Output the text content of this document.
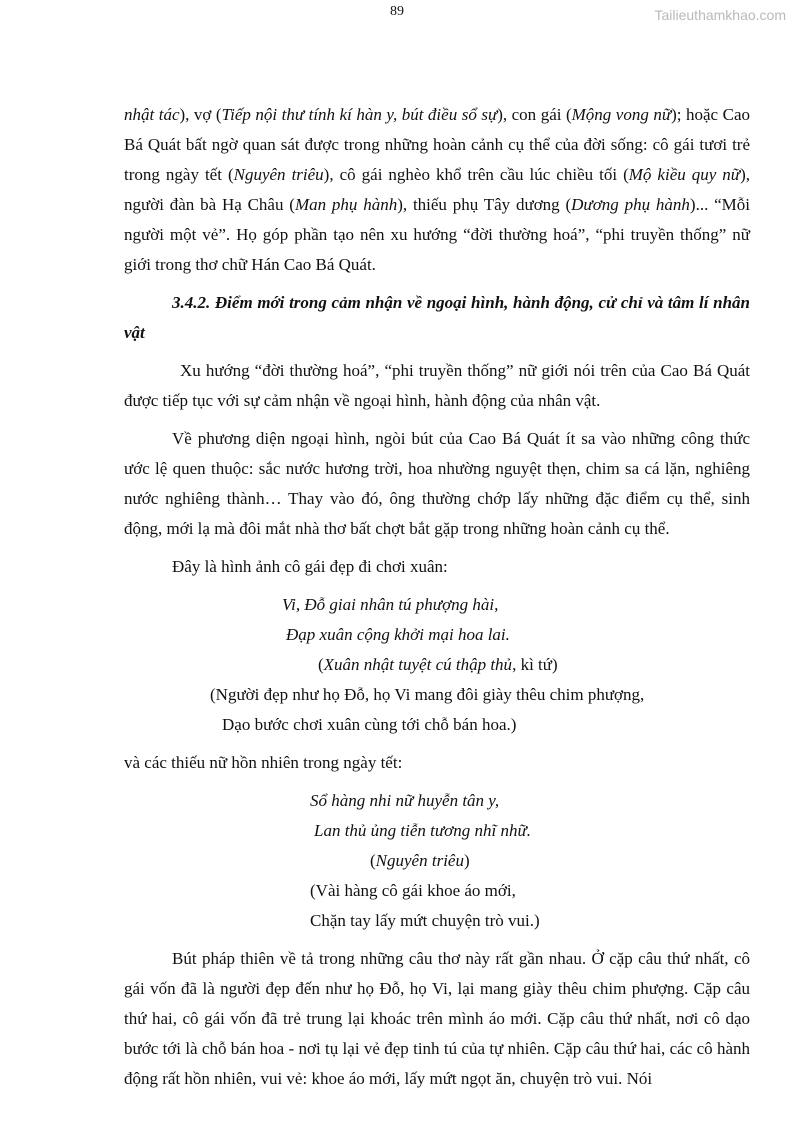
89	Tailieuthamkhao.com

nhật tác), vợ (Tiếp nội thư tính kí hàn y, bút điều sổ sự), con gái (Mộng vong nữ); hoặc Cao Bá Quát bất ngờ quan sát được trong những hoàn cảnh cụ thể của đời sống: cô gái tươi trẻ trong ngày tết (Nguyên triêu), cô gái nghèo khổ trên cầu lúc chiều tối (Mộ kiều quy nữ), người đàn bà Hạ Châu (Man phụ hành), thiếu phụ Tây dương (Dương phụ hành)... “Mỗi người một vẻ”. Họ góp phần tạo nên xu hướng “đời thường hoá”, “phi truyền thống” nữ giới trong thơ chữ Hán Cao Bá Quát.

3.4.2. Điểm mới trong cảm nhận về ngoại hình, hành động, cử chỉ và tâm lí nhân vật

Xu hướng “đời thường hoá”, “phi truyền thống” nữ giới nói trên của Cao Bá Quát được tiếp tục với sự cảm nhận về ngoại hình, hành động của nhân vật.

Về phương diện ngoại hình, ngòi bút của Cao Bá Quát ít sa vào những công thức ước lệ quen thuộc: sắc nước hương trời, hoa nhường nguyệt thẹn, chim sa cá lặn, nghiêng nước nghiêng thành… Thay vào đó, ông thường chớp lấy những đặc điểm cụ thể, sinh động, mới lạ mà đôi mắt nhà thơ bất chợt bắt gặp trong những hoàn cảnh cụ thể.

Đây là hình ảnh cô gái đẹp đi chơi xuân:

Vi, Đỗ giai nhân tú phượng hài,
Đạp xuân cộng khởi mại hoa lai.
(Xuân nhật tuyệt cú thập thủ, kì tứ)
(Người đẹp như họ Đỗ, họ Vi mang đôi giày thêu chim phượng,
Dạo bước chơi xuân cùng tới chỗ bán hoa.)

và các thiếu nữ hồn nhiên trong ngày tết:

Sổ hàng nhi nữ huyễn tân y,
Lan thủ ủng tiễn tương nhĩ nhữ.
(Nguyên triêu)
(Vài hàng cô gái khoe áo mới,
Chặn tay lấy mứt chuyện trò vui.)

Bút pháp thiên về tả trong những câu thơ này rất gần nhau. Ở cặp câu thứ nhất, cô gái vốn đã là người đẹp đến như họ Đỗ, họ Vi, lại mang giày thêu chim phượng. Cặp câu thứ hai, cô gái vốn đã trẻ trung lại khoác trên mình áo mới. Cặp câu thứ nhất, nơi cô dạo bước tới là chỗ bán hoa - nơi tụ lại vẻ đẹp tinh tú của tự nhiên. Cặp câu thứ hai, các cô hành động rất hồn nhiên, vui vẻ: khoe áo mới, lấy mứt ngọt ăn, chuyện trò vui. Nói
